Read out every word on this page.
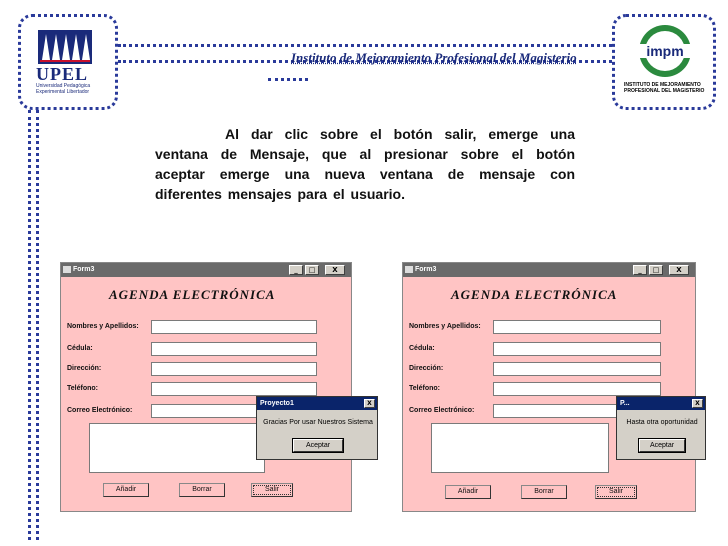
UPEL
Universidad Pedagógica Experimental Libertador
impm
INSTITUTO DE MEJORAMIENTO PROFESIONAL DEL MAGISTERIO
Instituto de Mejoramiento Profesional del Magisterio
Al dar clic sobre el botón salir, emerge una ventana de Mensaje, que al presionar sobre el botón aceptar emerge una nueva ventana de mensaje con diferentes mensajes para el usuario.
Form3	_	□	X
AGENDA ELECTRÓNICA
Nombres y Apellidos:
Cédula:
Dirección:
Teléfono:
Correo Electrónico:
Añadir	Borrar	Salir
Proyecto1	X
Gracias Por usar Nuestros Sistema
Aceptar
Form3	_	□	X
AGENDA ELECTRÓNICA
Nombres y Apellidos:
Cédula:
Dirección:
Teléfono:
Correo Electrónico:
Añadir	Borrar	Salir
P...	X
Hasta otra oportunidad
Aceptar
